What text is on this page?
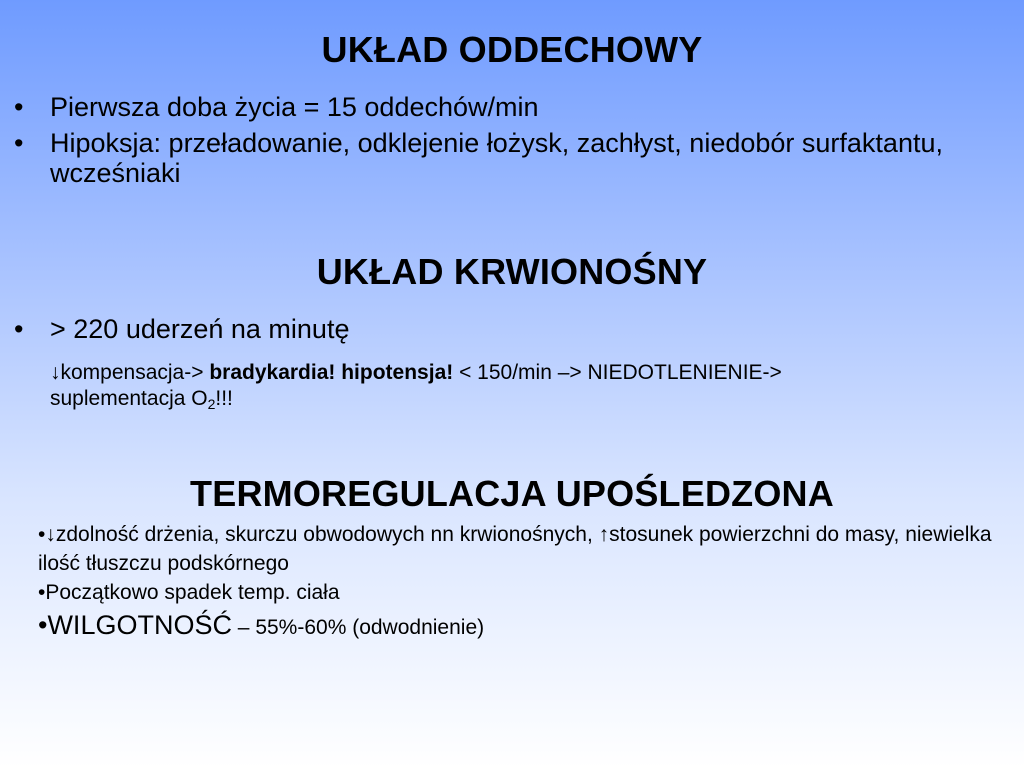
UKŁAD ODDECHOWY
• Pierwsza doba życia = 15 oddechów/min
• Hipoksja: przeładowanie, odklejenie łożysk, zachłyst, niedobór surfaktantu, wcześniaki
UKŁAD KRWIONOŚNY
• > 220 uderzeń na minutę
↓kompensacja-> bradykardia! hipotensja! < 150/min –> NIEDOTLENIENIE->
suplementacja $O_2$!!!
TERMOREGULACJA UPOŚLEDZONA
•↓zdolność drżenia, skurczu obwodowych nn krwionośnych, ↑stosunek powierzchni do masy, niewielka ilość tłuszczu podskórnego
•Początkowo spadek temp. ciała
•WILGOTNOŚĆ – 55%-60% (odwodnienie)
